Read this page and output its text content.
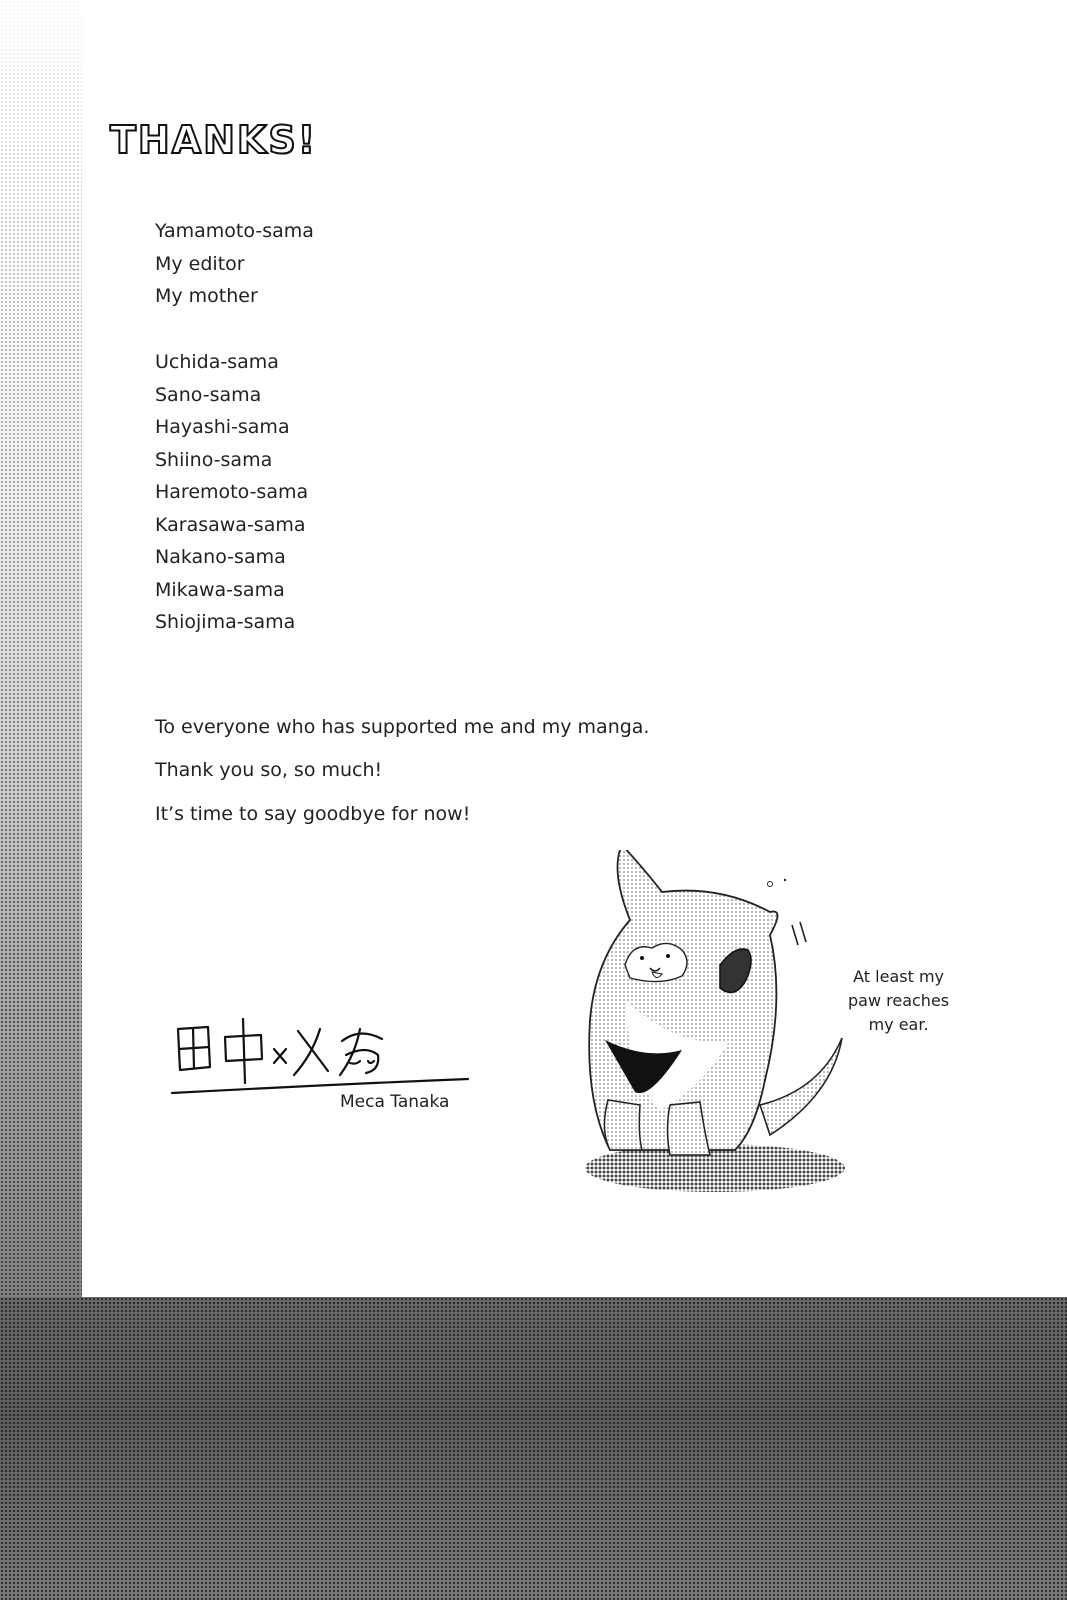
THANKS!
Yamamoto-sama
My editor
My mother
Uchida-sama
Sano-sama
Hayashi-sama
Shiino-sama
Haremoto-sama
Karasawa-sama
Nakano-sama
Mikawa-sama
Shiojima-sama

To everyone who has supported me and my manga.

Thank you so, so much!

It’s time to say goodbye for now!

Meca Tanaka

At least my
paw reaches
my ear.
